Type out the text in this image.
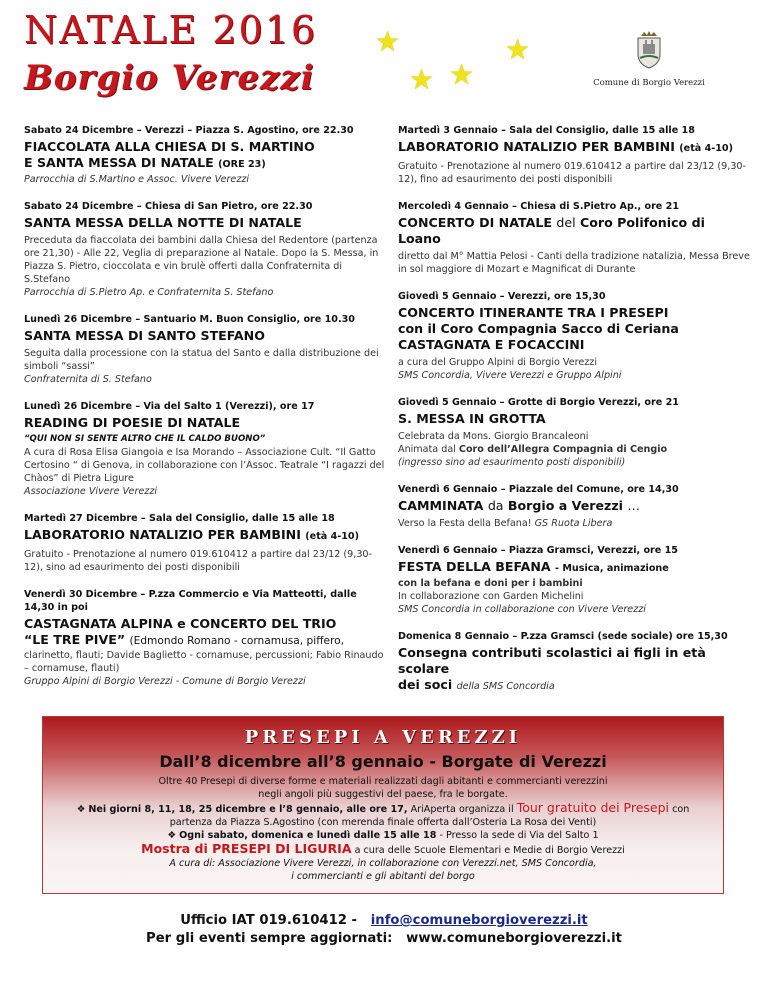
NATALE 2016
Borgio Verezzi
★	★
★
★	Comune di Borgio Verezzi
Sabato 24 Dicembre – Verezzi – Piazza S. Agostino, ore 22.30
FIACCOLATA ALLA CHIESA DI S. MARTINO
E SANTA MESSA DI NATALE (ORE 23)
Parrocchia di S.Martino e Assoc. Vivere Verezzi
Sabato 24 Dicembre – Chiesa di San Pietro, ore 22.30
SANTA MESSA DELLA NOTTE DI NATALE
Preceduta da fiaccolata dei bambini dalla Chiesa del Redentore (partenza ore 21,30) - Alle 22, Veglia di preparazione al Natale. Dopo la S. Messa, in Piazza S. Pietro, cioccolata e vin brulè offerti dalla Confraternita di S.Stefano
Parrocchia di S.Pietro Ap. e Confraternita S. Stefano
Lunedì 26 Dicembre – Santuario M. Buon Consiglio, ore 10.30
SANTA MESSA DI SANTO STEFANO
Seguita dalla processione con la statua del Santo e dalla distribuzione dei simboli “sassi”
Confraternita di S. Stefano
Lunedì 26 Dicembre – Via del Salto 1 (Verezzi), ore 17
READING DI POESIE DI NATALE
“QUI NON SI SENTE ALTRO CHE IL CALDO BUONO”
A cura di Rosa Elisa Giangoia e Isa Morando – Associazione Cult. “Il Gatto Certosino “ di Genova, in collaborazione con l’Assoc. Teatrale “I ragazzi del Chàos” di Pietra Ligure
Associazione Vivere Verezzi
Martedì 27 Dicembre – Sala del Consiglio, dalle 15 alle 18
LABORATORIO NATALIZIO PER BAMBINI (età 4-10)
Gratuito - Prenotazione al numero 019.610412 a partire dal 23/12 (9,30-12), sino ad esaurimento dei posti disponibili
Venerdì 30 Dicembre – P.zza Commercio e Via Matteotti, dalle 14,30 in poi
CASTAGNATA ALPINA e CONCERTO DEL TRIO
“LE TRE PIVE” (Edmondo Romano - cornamusa, piffero,
clarinetto, flauti; Davide Baglietto - cornamuse, percussioni; Fabio Rinaudo – cornamuse, flauti)
Gruppo Alpini di Borgio Verezzi - Comune di Borgio Verezzi
Martedì 3 Gennaio – Sala del Consiglio, dalle 15 alle 18
LABORATORIO NATALIZIO PER BAMBINI (età 4-10)
Gratuito - Prenotazione al numero 019.610412 a partire dal 23/12 (9,30-12), fino ad esaurimento dei posti disponibili
Mercoledì 4 Gennaio – Chiesa di S.Pietro Ap., ore 21
CONCERTO DI NATALE del Coro Polifonico di Loano
diretto dal M° Mattia Pelosi - Canti della tradizione natalizia, Messa Breve in sol maggiore di Mozart e Magnificat di Durante
Giovedì 5 Gennaio – Verezzi, ore 15,30
CONCERTO ITINERANTE TRA I PRESEPI
con il Coro Compagnia Sacco di Ceriana
CASTAGNATA E FOCACCINI
a cura del Gruppo Alpini di Borgio Verezzi
SMS Concordia, Vivere Verezzi e Gruppo Alpini
Giovedì 5 Gennaio – Grotte di Borgio Verezzi, ore 21
S. MESSA IN GROTTA
Celebrata da Mons. Giorgio Brancaleoni
Animata dal Coro dell’Allegra Compagnia di Cengio
(ingresso sino ad esaurimento posti disponibili)
Venerdì 6 Gennaio – Piazzale del Comune, ore 14,30
CAMMINATA da Borgio a Verezzi …
Verso la Festa della Befana! GS Ruota Libera
Venerdì 6 Gennaio – Piazza Gramsci, Verezzi, ore 15
FESTA DELLA BEFANA - Musica, animazione
con la befana e doni per i bambini
In collaborazione con Garden Michelini
SMS Concordia in collaborazione con Vivere Verezzi
Domenica 8 Gennaio – P.zza Gramsci (sede sociale) ore 15,30
Consegna contributi scolastici ai figli in età scolare
dei soci della SMS Concordia
PRESEPI A VEREZZI
Dall’8 dicembre all’8 gennaio - Borgate di Verezzi
Oltre 40 Presepi di diverse forme e materiali realizzati dagli abitanti e commercianti verezzini
negli angoli più suggestivi del paese, fra le borgate.
❖ Nei giorni 8, 11, 18, 25 dicembre e l’8 gennaio, alle ore 17, AriAperta organizza il Tour gratuito dei Presepi con
partenza da Piazza S.Agostino (con merenda finale offerta dall’Osteria La Rosa dei Venti)
❖ Ogni sabato, domenica e lunedì dalle 15 alle 18 - Presso la sede di Via del Salto 1
Mostra di PRESEPI DI LIGURIA a cura delle Scuole Elementari e Medie di Borgio Verezzi
A cura di: Associazione Vivere Verezzi, in collaborazione con Verezzi.net, SMS Concordia,
i commercianti e gli abitanti del borgo
Ufficio IAT 019.610412 - info@comuneborgioverezzi.it
Per gli eventi sempre aggiornati: www.comuneborgioverezzi.it
